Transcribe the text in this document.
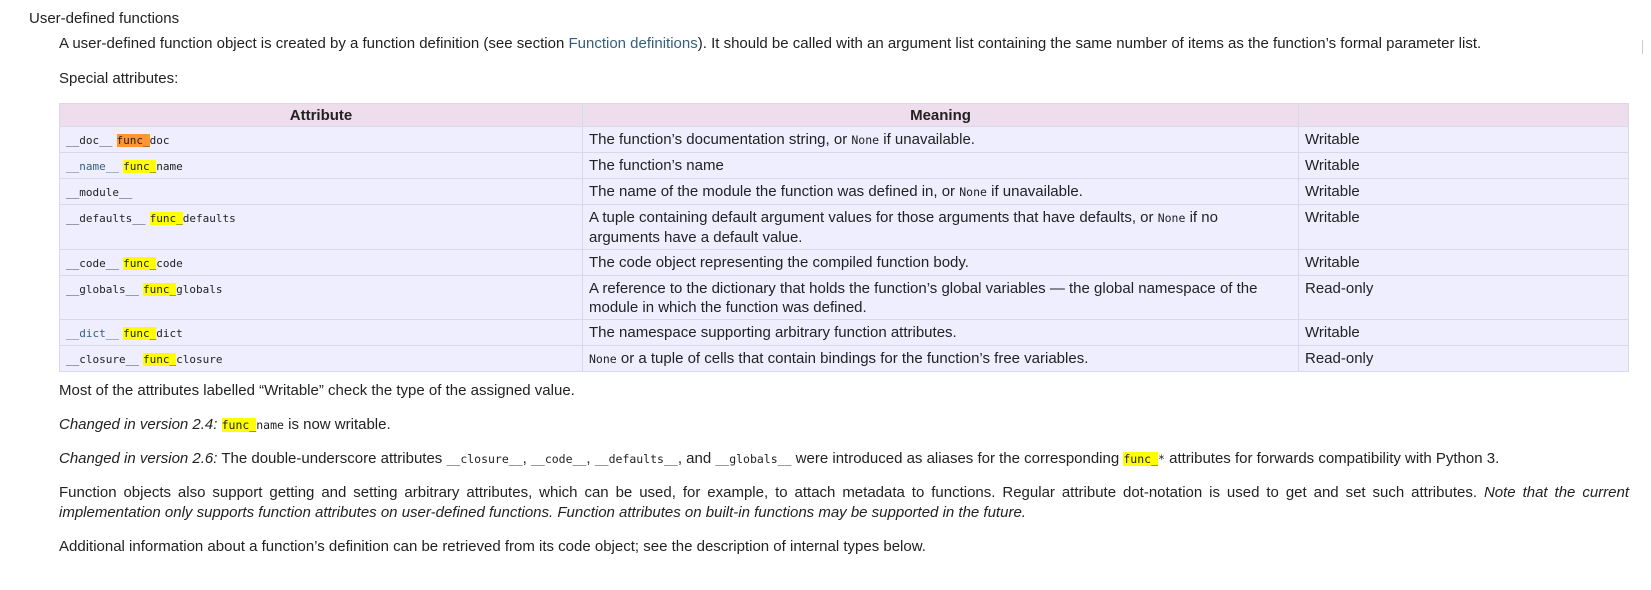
User-defined functions

A user-defined function object is created by a function definition (see section Function definitions). It should be called with an argument list containing the same number of items as the function’s formal parameter list.

Special attributes:

Attribute	Meaning	
__doc__ func_doc	The function’s documentation string, or None if unavailable.	Writable
__name__ func_name	The function’s name	Writable
__module__	The name of the module the function was defined in, or None if unavailable.	Writable
__defaults__ func_defaults	A tuple containing default argument values for those arguments that have defaults, or None if no arguments have a default value.	Writable
__code__ func_code	The code object representing the compiled function body.	Writable
__globals__ func_globals	A reference to the dictionary that holds the function’s global variables — the global namespace of the module in which the function was defined.	Read-only
__dict__ func_dict	The namespace supporting arbitrary function attributes.	Writable
__closure__ func_closure	None or a tuple of cells that contain bindings for the function’s free variables.	Read-only

Most of the attributes labelled “Writable” check the type of the assigned value.

Changed in version 2.4: func_name is now writable.

Changed in version 2.6: The double-underscore attributes __closure__, __code__, __defaults__, and __globals__ were introduced as aliases for the corresponding func_* attributes for forwards compatibility with Python 3.

Function objects also support getting and setting arbitrary attributes, which can be used, for example, to attach metadata to functions. Regular attribute dot-notation is used to get and set such attributes. Note that the current implementation only supports function attributes on user-defined functions. Function attributes on built-in functions may be supported in the future.

Additional information about a function’s definition can be retrieved from its code object; see the description of internal types below.
